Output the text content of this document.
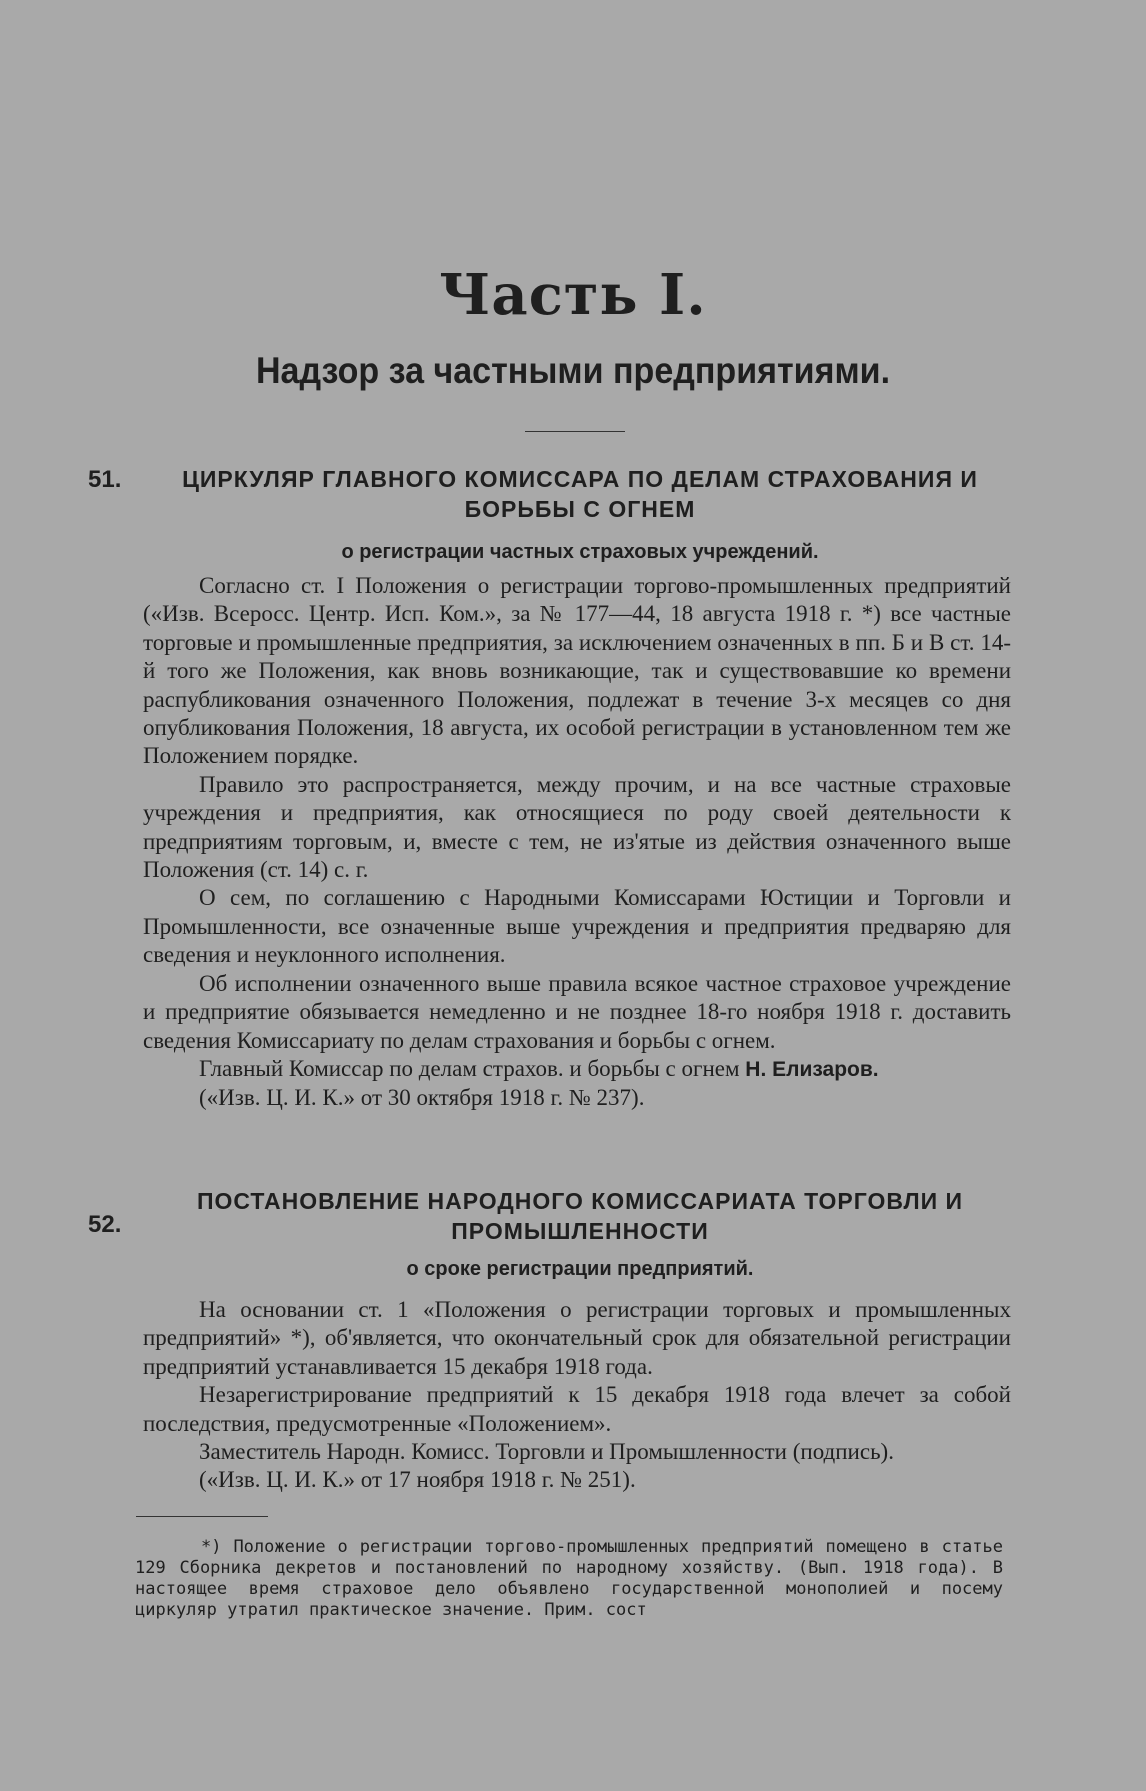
Часть I.
Надзор за частными предприятиями.
51.	ЦИРКУЛЯР ГЛАВНОГО КОМИССАРА ПО ДЕЛАМ СТРАХОВАНИЯ И БОРЬБЫ С ОГНЕМ
о регистрации частных страховых учреждений.

Согласно ст. I Положения о регистрации торгово-промышленных предприятий («Изв. Всеросс. Центр. Исп. Ком.», за № 177—44, 18 августа 1918 г. *) все частные торговые и промышленные предприятия, за исключением означенных в пп. Б и В ст. 14-й того же Положения, как вновь возникающие, так и существовавшие ко времени распубликования означенного Положения, подлежат в течение 3-х месяцев со дня опубликования Положения, 18 августа, их особой регистрации в установленном тем же Положением порядке.

Правило это распространяется, между прочим, и на все частные страховые учреждения и предприятия, как относящиеся по роду своей деятельности к предприятиям торговым, и, вместе с тем, не из'ятые из действия означенного выше Положения (ст. 14) с. г.

О сем, по соглашению с Народными Комиссарами Юстиции и Торговли и Промышленности, все означенные выше учреждения и предприятия предваряю для сведения и неуклонного исполнения.

Об исполнении означенного выше правила всякое частное страховое учреждение и предприятие обязывается немедленно и не позднее 18-го ноября 1918 г. доставить сведения Комиссариату по делам страхования и борьбы с огнем.

Главный Комиссар по делам страхов. и борьбы с огнем Н. Елизаров.

(«Изв. Ц. И. К.» от 30 октября 1918 г. № 237).

52.
ПОСТАНОВЛЕНИЕ НАРОДНОГО КОМИССАРИАТА ТОРГОВЛИ И ПРОМЫШЛЕННОСТИ
о сроке регистрации предприятий.

На основании ст. 1 «Положения о регистрации торговых и промышленных предприятий» *), об'является, что окончательный срок для обязательной регистрации предприятий устанавливается 15 декабря 1918 года.

Незарегистрирование предприятий к 15 декабря 1918 года влечет за собой последствия, предусмотренные «Положением».

Заместитель Народн. Комисс. Торговли и Промышленности (подпись).

(«Изв. Ц. И. К.» от 17 ноября 1918 г. № 251).

*) Положение о регистрации торгово-промышленных предприятий помещено в статье 129 Сборника декретов и постановлений по народному хозяйству. (Вып. 1918 года). В настоящее время страховое дело объявлено государственной монополией и посему циркуляр утратил практическое значение. Прим. сост
